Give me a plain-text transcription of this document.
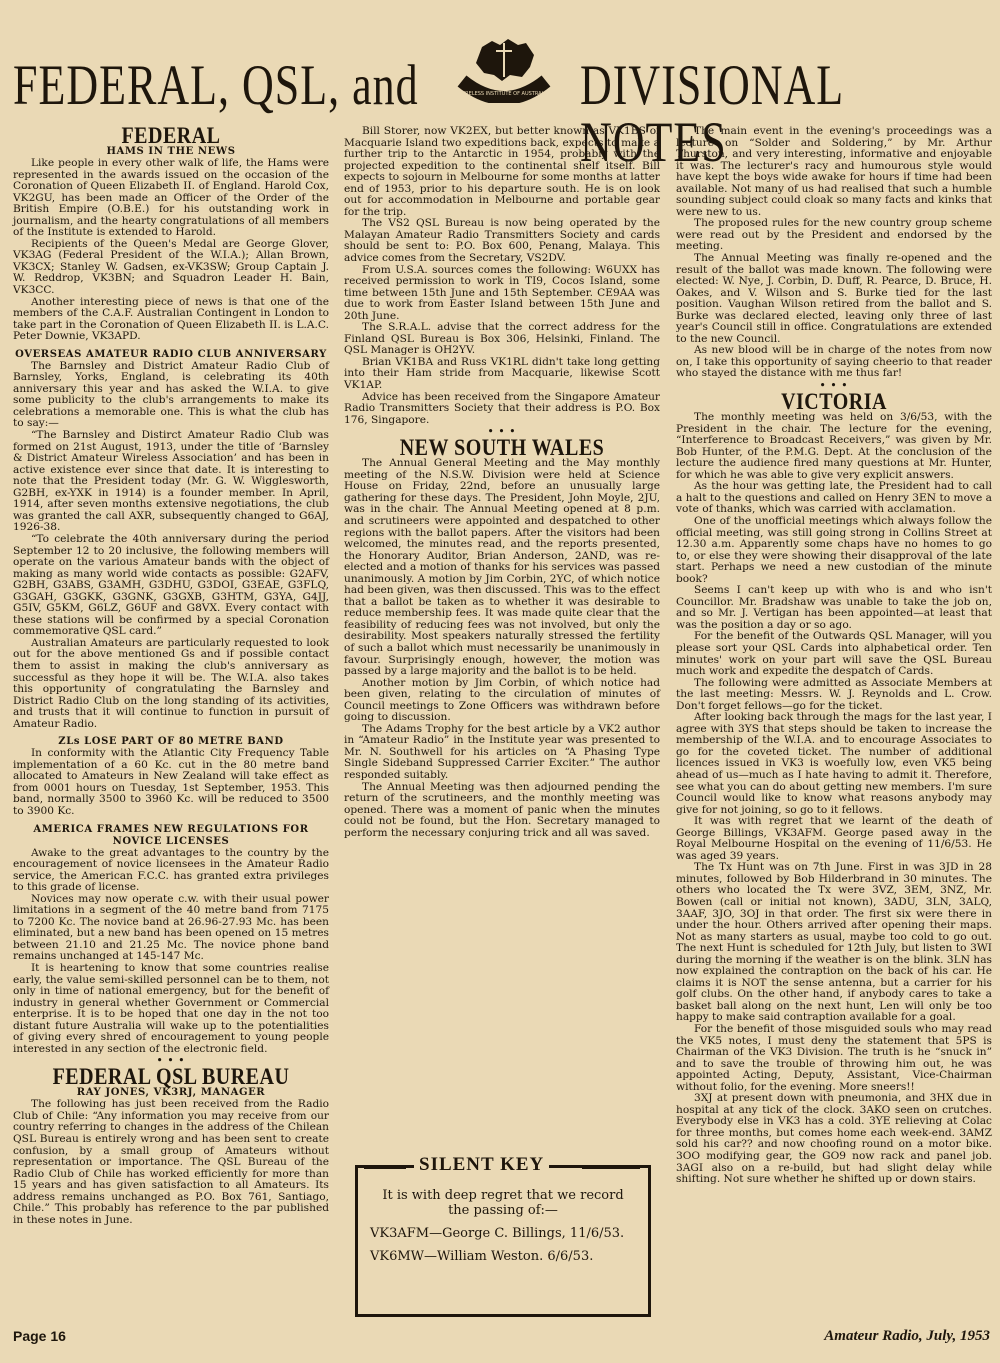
FEDERAL, QSL, and	WIRELESS INSTITUTE OF AUSTRALIA DIVISIONAL NOTES
FEDERAL
HAMS IN THE NEWS

Like people in every other walk of life, the Hams were represented in the awards issued on the occasion of the Coronation of Queen Elizabeth II. of England. Harold Cox, VK2GU, has been made an Officer of the Order of the British Empire (O.B.E.) for his outstanding work in journalism, and the hearty congratulations of all members of the Institute is extended to Harold.

Recipients of the Queen's Medal are George Glover, VK3AG (Federal President of the W.I.A.); Allan Brown, VK3CX; Stanley W. Gadsen, ex-VK3SW; Group Captain J. W. Reddrop, VK3BN; and Squadron Leader H. Bain, VK3CC.

Another interesting piece of news is that one of the members of the C.A.F. Australian Contingent in London to take part in the Coronation of Queen Elizabeth II. is L.A.C. Peter Downie, VK3APD.

OVERSEAS AMATEUR RADIO CLUB ANNIVERSARY

The Barnsley and District Amateur Radio Club of Barnsley, Yorks, England, is celebrating its 40th anniversary this year and has asked the W.I.A. to give some publicity to the club's arrangements to make its celebrations a memorable one. This is what the club has to say:—

“The Barnsley and Distirct Amateur Radio Club was formed on 21st August, 1913, under the title of ‘Barnsley & District Amateur Wireless Association’ and has been in active existence ever since that date. It is interesting to note that the President today (Mr. G. W. Wigglesworth, G2BH, ex-YXK in 1914) is a founder member. In April, 1914, after seven months extensive negotiations, the club was granted the call AXR, subsequently changed to G6AJ, 1926-38.

“To celebrate the 40th anniversary during the period September 12 to 20 inclusive, the following members will operate on the various Amateur bands with the object of making as many world wide contacts as possible: G2AFV, G2BH, G3ABS, G3AMH, G3DHU, G3DOI, G3EAE, G3FLQ, G3GAH, G3GKK, G3GNK, G3GXB, G3HTM, G3YA, G4JJ, G5IV, G5KM, G6LZ, G6UF and G8VX. Every contact with these stations will be confirmed by a special Coronation commemorative QSL card.”

Australian Amateurs are particularly requested to look out for the above mentioned Gs and if possible contact them to assist in making the club's anniversary as successful as they hope it will be. The W.I.A. also takes this opportunity of congratulating the Barnsley and District Radio Club on the long standing of its activities, and trusts that it will continue to function in pursuit of Amateur Radio.

ZLs LOSE PART OF 80 METRE BAND

In conformity with the Atlantic City Frequency Table implementation of a 60 Kc. cut in the 80 metre band allocated to Amateurs in New Zealand will take effect as from 0001 hours on Tuesday, 1st September, 1953. This band, normally 3500 to 3960 Kc. will be reduced to 3500 to 3900 Kc.

AMERICA FRAMES NEW REGULATIONS FOR NOVICE LICENSES

Awake to the great advantages to the country by the encouragement of novice licensees in the Amateur Radio service, the American F.C.C. has granted extra privileges to this grade of license.

Novices may now operate c.w. with their usual power limitations in a segment of the 40 metre band from 7175 to 7200 Kc. The novice band at 26.96-27.93 Mc. has been eliminated, but a new band has been opened on 15 metres between 21.10 and 21.25 Mc. The novice phone band remains unchanged at 145-147 Mc.

It is heartening to know that some countries realise early, the value semi-skilled personnel can be to them, not only in time of national emergency, but for the benefit of industry in general whether Government or Commercial enterprise. It is to be hoped that one day in the not too distant future Australia will wake up to the potentialities of giving every shred of encouragement to young people interested in any section of the electronic field.

• • •
FEDERAL QSL BUREAU
RAY JONES, VK3RJ, MANAGER

The following has just been received from the Radio Club of Chile: “Any information you may receive from our country referring to changes in the address of the Chilean QSL Bureau is entirely wrong and has been sent to create confusion, by a small group of Amateurs without representation or importance. The QSL Bureau of the Radio Club of Chile has worked efficiently for more than 15 years and has given satisfaction to all Amateurs. Its address remains unchanged as P.O. Box 761, Santiago, Chile.” This probably has reference to the par published in these notes in June.

Bill Storer, now VK2EX, but better known as VK1BS of Macquarie Island two expeditions back, expects to make a further trip to the Antarctic in 1954, probably with the projected expedition to the continental shelf itself. Bill expects to sojourn in Melbourne for some months at latter end of 1953, prior to his departure south. He is on look out for accommodation in Melbourne and portable gear for the trip.

The VS2 QSL Bureau is now being operated by the Malayan Amateur Radio Transmitters Society and cards should be sent to: P.O. Box 600, Penang, Malaya. This advice comes from the Secretary, VS2DV.

From U.S.A. sources comes the following: W6UXX has received permission to work in TI9, Cocos Island, some time between 15th June and 15th September. CE9AA was due to work from Easter Island between 15th June and 20th June.

The S.R.A.L. advise that the correct address for the Finland QSL Bureau is Box 306, Helsinki, Finland. The QSL Manager is OH2YV.

Brian VK1BA and Russ VK1RL didn't take long getting into their Ham stride from Macquarie, likewise Scott VK1AP.

Advice has been received from the Singapore Amateur Radio Transmitters Society that their address is P.O. Box 176, Singapore.

• • •
NEW SOUTH WALES

The Annual General Meeting and the May monthly meeting of the N.S.W. Division were held at Science House on Friday, 22nd, before an unusually large gathering for these days. The President, John Moyle, 2JU, was in the chair. The Annual Meeting opened at 8 p.m. and scrutineers were appointed and despatched to other regions with the ballot papers. After the visitors had been welcomed, the minutes read, and the reports presented, the Honorary Auditor, Brian Anderson, 2AND, was re-elected and a motion of thanks for his services was passed unanimously. A motion by Jim Corbin, 2YC, of which notice had been given, was then discussed. This was to the effect that a ballot be taken as to whether it was desirable to reduce membership fees. It was made quite clear that the feasibility of reducing fees was not involved, but only the desirability. Most speakers naturally stressed the fertility of such a ballot which must necessarily be unanimously in favour. Surprisingly enough, however, the motion was passed by a large majority and the ballot is to be held.

Another motion by Jim Corbin, of which notice had been given, relating to the circulation of minutes of Council meetings to Zone Officers was withdrawn before going to discussion.

The Adams Trophy for the best article by a VK2 author in “Amateur Radio” in the Institute year was presented to Mr. N. Southwell for his articles on “A Phasing Type Single Sideband Suppressed Carrier Exciter.” The author responded suitably.

The Annual Meeting was then adjourned pending the return of the scrutineers, and the monthly meeting was opened. There was a moment of panic when the minutes could not be found, but the Hon. Secretary managed to perform the necessary conjuring trick and all was saved.

The main event in the evening's proceedings was a lecture on “Solder and Soldering,” by Mr. Arthur Thurston, and very interesting, informative and enjoyable it was. The lecturer's racy and humourous style would have kept the boys wide awake for hours if time had been available. Not many of us had realised that such a humble sounding subject could cloak so many facts and kinks that were new to us.

The proposed rules for the new country group scheme were read out by the President and endorsed by the meeting.

The Annual Meeting was finally re-opened and the result of the ballot was made known. The following were elected: W. Nye, J. Corbin, D. Duff, R. Pearce, D. Bruce, H. Oakes, and V. Wilson and S. Burke tied for the last position. Vaughan Wilson retired from the ballot and S. Burke was declared elected, leaving only three of last year's Council still in office. Congratulations are extended to the new Council.

As new blood will be in charge of the notes from now on, I take this opportunity of saying cheerio to that reader who stayed the distance with me thus far!

• • •
VICTORIA

The monthly meeting was held on 3/6/53, with the President in the chair. The lecture for the evening, “Interference to Broadcast Receivers,” was given by Mr. Bob Hunter, of the P.M.G. Dept. At the conclusion of the lecture the audience fired many questions at Mr. Hunter, for which he was able to give very explicit answers.

As the hour was getting late, the President had to call a halt to the questions and called on Henry 3EN to move a vote of thanks, which was carried with acclamation.

One of the unofficial meetings which always follow the official meeting, was still going strong in Collins Street at 12.30 a.m. Apparently some chaps have no homes to go to, or else they were showing their disapproval of the late start. Perhaps we need a new custodian of the minute book?

Seems I can't keep up with who is and who isn't Councillor. Mr. Bradshaw was unable to take the job on, and so Mr. J. Vertigan has been appointed—at least that was the position a day or so ago.

For the benefit of the Outwards QSL Manager, will you please sort your QSL Cards into alphabetical order. Ten minutes' work on your part will save the QSL Bureau much work and expedite the despatch of Cards.

The following were admitted as Associate Members at the last meeting: Messrs. W. J. Reynolds and L. Crow. Don't forget fellows—go for the ticket.

After looking back through the mags for the last year, I agree with 3YS that steps should be taken to increase the membership of the W.I.A. and to encourage Associates to go for the coveted ticket. The number of additional licences issued in VK3 is woefully low, even VK5 being ahead of us—much as I hate having to admit it. Therefore, see what you can do about getting new members. I'm sure Council would like to know what reasons anybody may give for not joining, so go to it fellows.

It was with regret that we learnt of the death of George Billings, VK3AFM. George pased away in the Royal Melbourne Hospital on the evening of 11/6/53. He was aged 39 years.

The Tx Hunt was on 7th June. First in was 3JD in 28 minutes, followed by Bob Hilderbrand in 30 minutes. The others who located the Tx were 3VZ, 3EM, 3NZ, Mr. Bowen (call or initial not known), 3ADU, 3LN, 3ALQ, 3AAF, 3JO, 3OJ in that order. The first six were there in under the hour. Others arrived after opening their maps. Not as many starters as usual, maybe too cold to go out. The next Hunt is scheduled for 12th July, but listen to 3WI during the morning if the weather is on the blink. 3LN has now explained the contraption on the back of his car. He claims it is NOT the sense antenna, but a carrier for his golf clubs. On the other hand, if anybody cares to take a basket ball along on the next hunt, Len will only be too happy to make said contraption available for a goal.

For the benefit of those misguided souls who may read the VK5 notes, I must deny the statement that 5PS is Chairman of the VK3 Division. The truth is he “snuck in” and to save the trouble of throwing him out, he was appointed Acting, Deputy, Assistant, Vice-Chairman without folio, for the evening. More sneers!!

3XJ at present down with pneumonia, and 3HX due in hospital at any tick of the clock. 3AKO seen on crutches. Everybody else in VK3 has a cold. 3YE relieving at Colac for three months, but comes home each week-end. 3AMZ sold his car?? and now choofing round on a motor bike. 3OO modifying gear, the GO9 now rack and panel job. 3AGI also on a re-build, but had slight delay while shifting. Not sure whether he shifted up or down stairs.

SILENT KEY

It is with deep regret that we record the passing of:—

VK3AFM—George C. Billings, 11/6/53.

VK6MW—William Weston. 6/6/53.

Page 16	Amateur Radio, July, 1953
